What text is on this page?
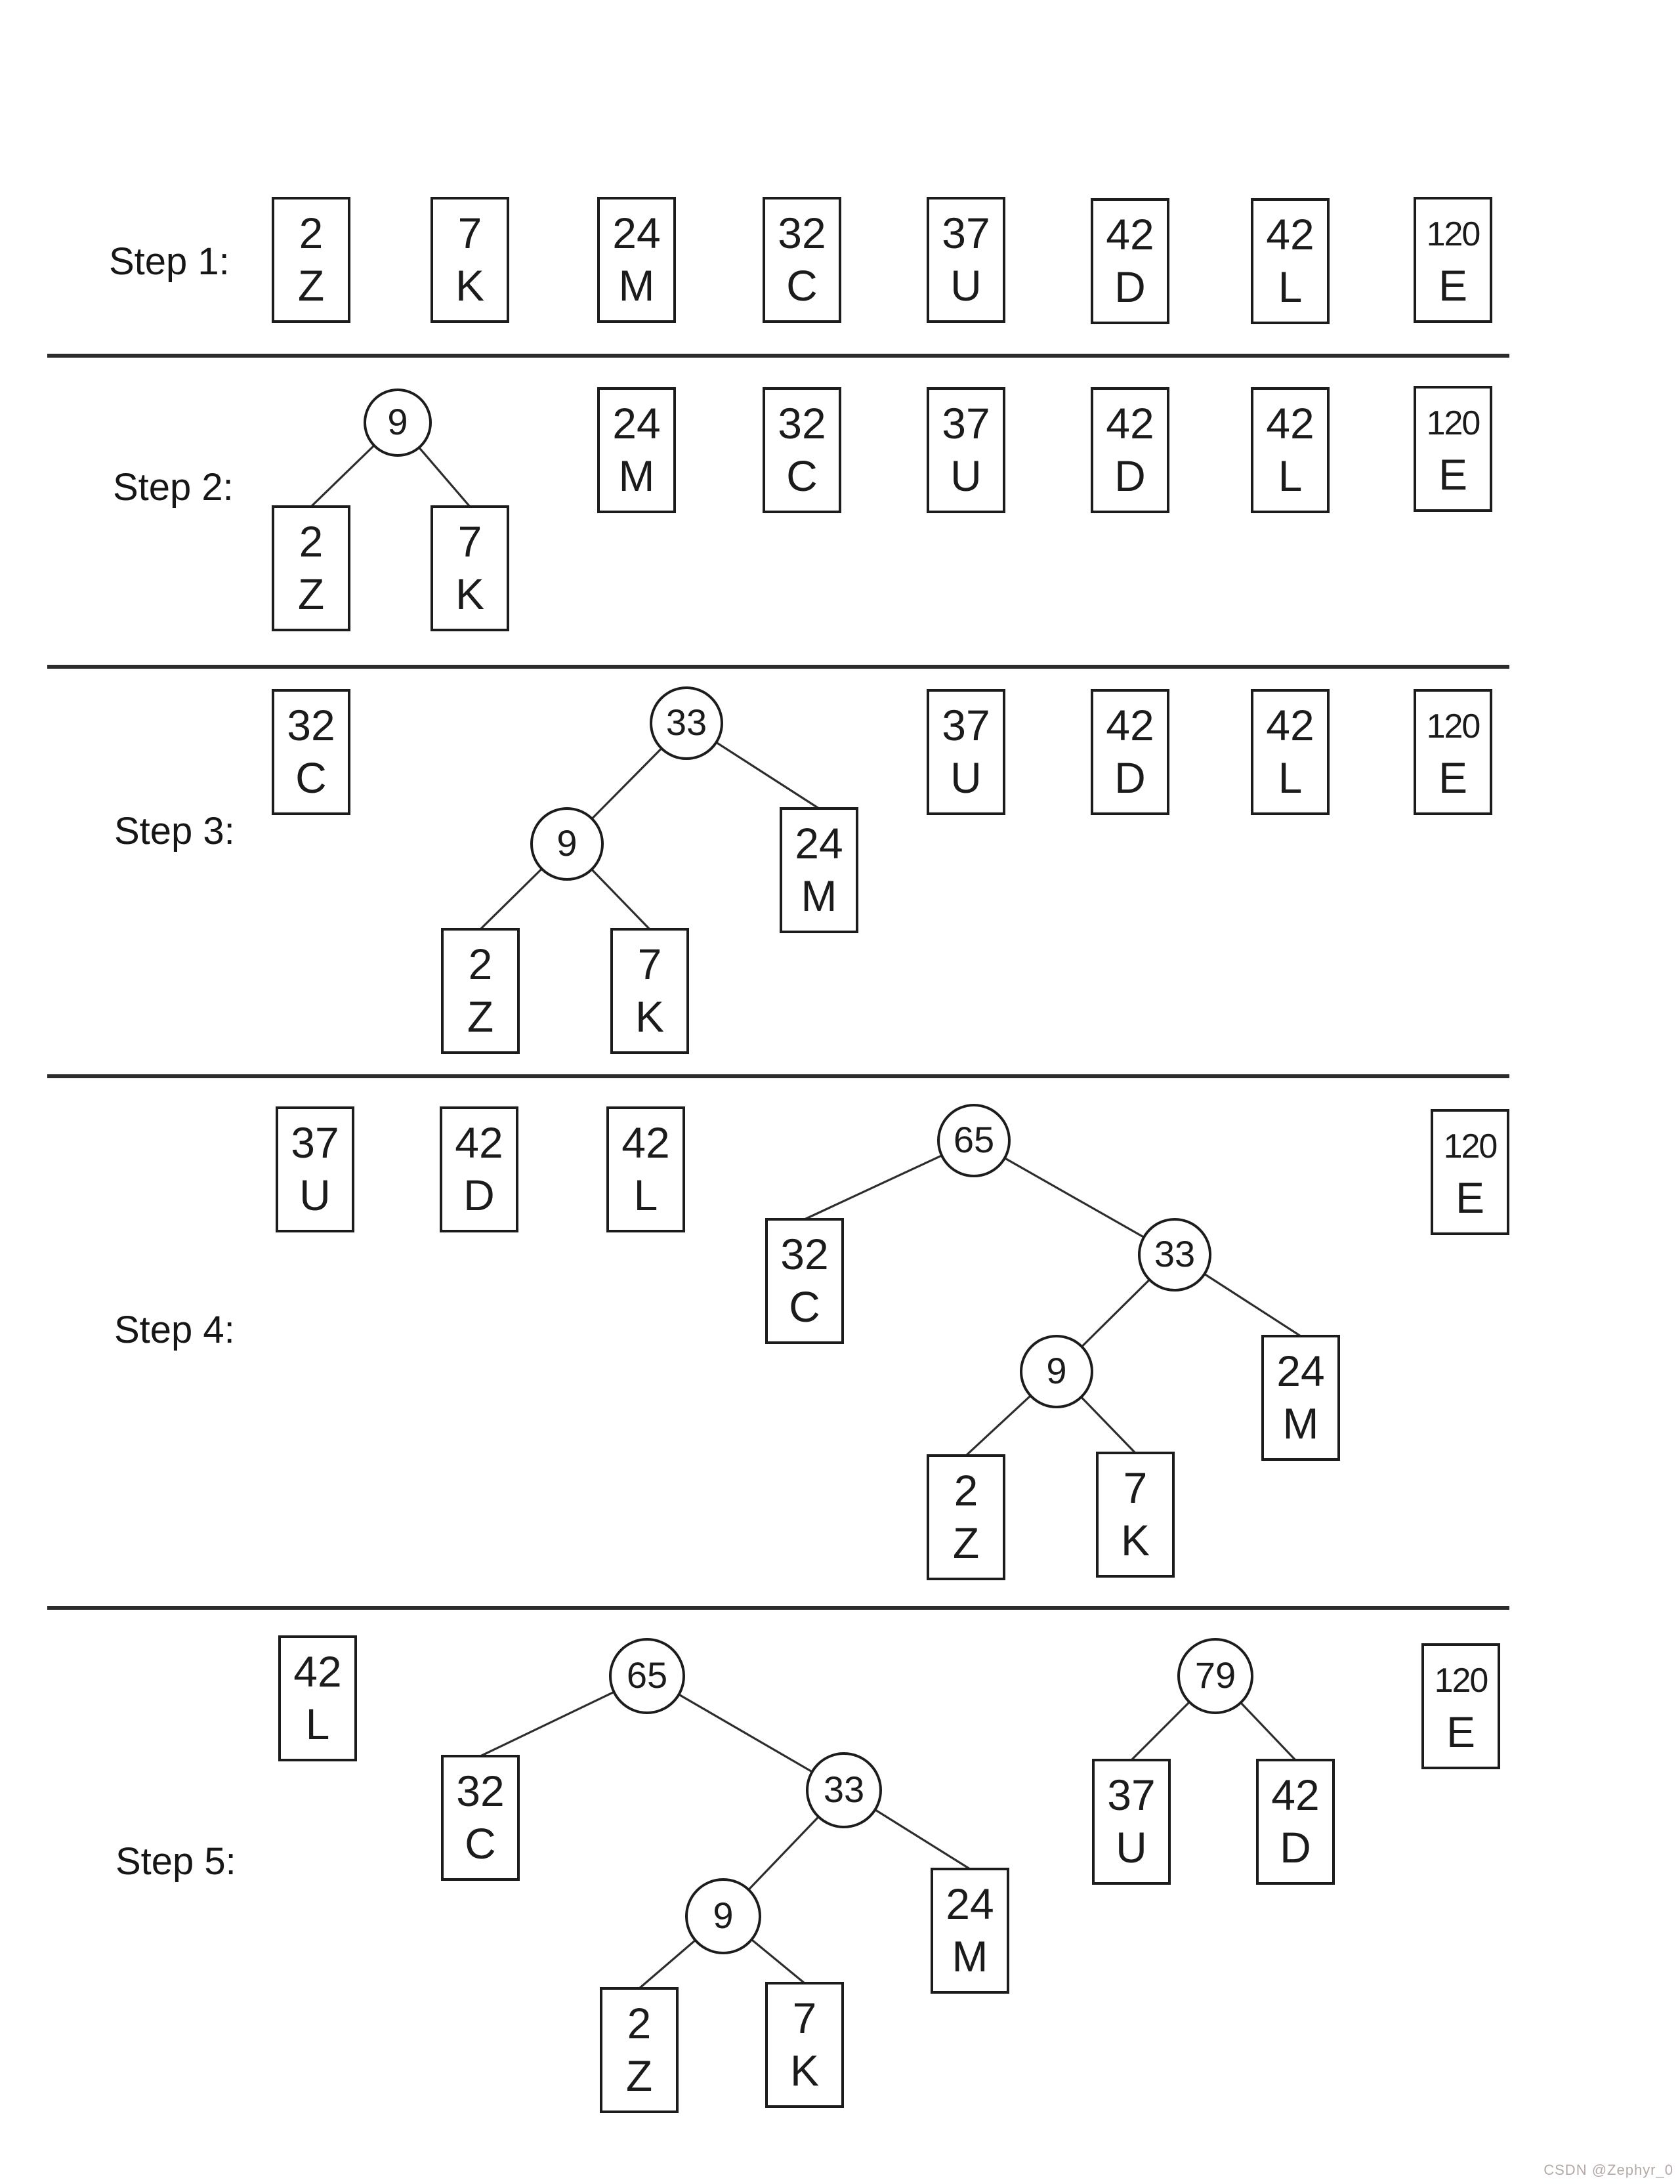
CSDN @Zephyr_0
Step 1:
2
Z
7
K
24
M
32
C
37
U
42
D
42
L
120
E
Step 2:
9
2
Z
7
K
24
M
32
C
37
U
42
D
42
L
120
E
Step 3:
32
C
33
9	24
M
2
Z
7
K
37
U
42
D
42
L
120
E
Step 4:
37
U
42
D
42
L
65
32
C
33
9	24
M
2
Z
7
K
120
E
Step 5:
42
L
65
32
C
33
9	24
M
2
Z
7
K
79
37
U
42
D
120
E
